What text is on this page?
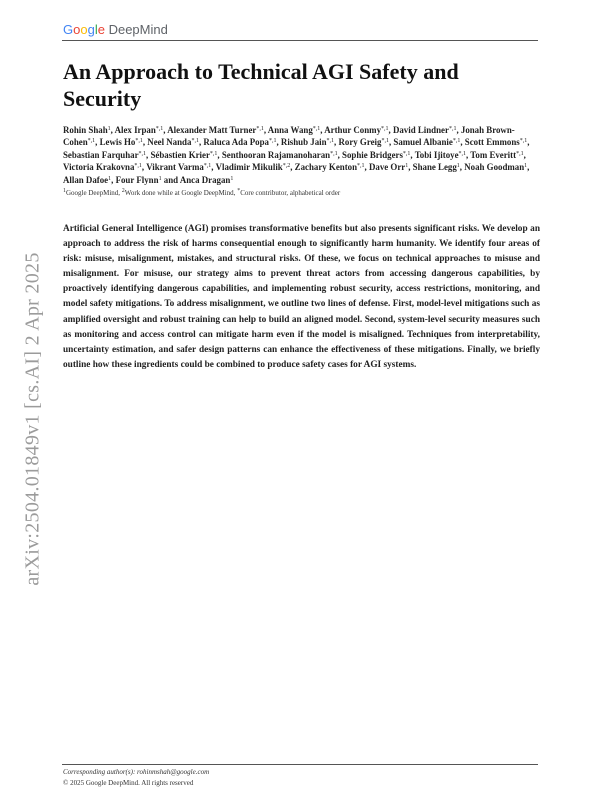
Google DeepMind
An Approach to Technical AGI Safety and Security

Rohin Shah$^1$, Alex Irpan$^{*,1}$, Alexander Matt Turner$^{*,1}$, Anna Wang$^{*,1}$, Arthur Conmy$^{*,1}$, David Lindner$^{*,1}$, Jonah Brown-Cohen$^{*,1}$, Lewis $Ho^{*,1}$, Neel Nanda$^{*,1}$, Raluca Ada Popa$^{*,1}$, Rishub Jain$^{*,1}$, Rory Greig$^{*,1}$, Samuel Albanie$^{*,1}$, Scott Emmons$^{*,1}$, Sebastian Farquhar$^{*,1}$, Sébastien Krier$^{*,1}$, Senthooran Rajamanoharan$^{*,1}$, Sophie Bridgers$^{*,1}$, Tobi Ijitoye$^{*,1}$, Tom Everitt$^{*,1}$, Victoria Krakovna$^{*,1}$, Vikrant Varma$^{*,1}$, Vladimir Mikulik$^{*,2}$, Zachary Kenton$^{*,1}$, Dave Orr$^1$, Shane Legg$^1$, Noah Goodman$^1$, Allan Dafoe$^1$, Four Flynn$^1$ and Anca Dragan$^1$

$^1$Google DeepMind, $^2$Work done while at Google DeepMind, *Core contributor, alphabetical order

Artificial General Intelligence (AGI) promises transformative benefits but also presents significant risks. We develop an approach to address the risk of harms consequential enough to significantly harm humanity. We identify four areas of risk: misuse, misalignment, mistakes, and structural risks. Of these, we focus on technical approaches to misuse and misalignment. For misuse, our strategy aims to prevent threat actors from accessing dangerous capabilities, by proactively identifying dangerous capabilities, and implementing robust security, access restrictions, monitoring, and model safety mitigations. To address misalignment, we outline two lines of defense. First, model-level mitigations such as amplified oversight and robust training can help to build an aligned model. Second, system-level security measures such as monitoring and access control can mitigate harm even if the model is misaligned. Techniques from interpretability, uncertainty estimation, and safer design patterns can enhance the effectiveness of these mitigations. Finally, we briefly outline how these ingredients could be combined to produce safety cases for AGI systems.

arXiv:2504.01849v1 [cs.AI] 2 Apr 2025
Corresponding author(s): rohinmshah@google.com
© 2025 Google DeepMind. All rights reserved
